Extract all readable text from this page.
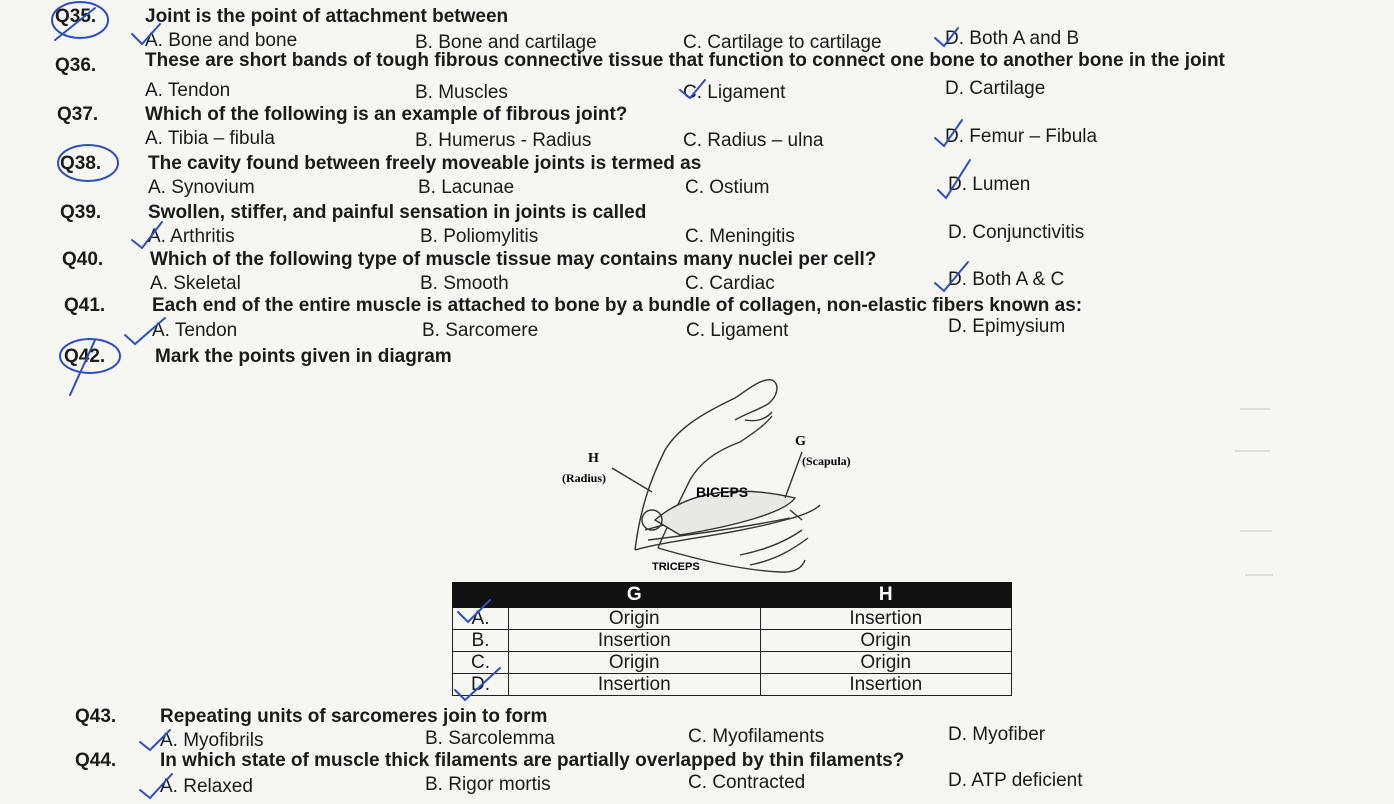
Q35.	Joint is the point of attachment between
A. Bone and bone	B. Bone and cartilage	C. Cartilage to cartilage	D. Both A and B
Q36.	These are short bands of tough fibrous connective tissue that function to connect one bone to another bone in the joint
A. Tendon	B. Muscles	C. Ligament	D. Cartilage
Q37. Which of the following is an example of fibrous joint?
A. Tibia – fibula	B. Humerus - Radius	C. Radius – ulna	D. Femur – Fibula
Q38. The cavity found between freely moveable joints is termed as
A. Synovium	B. Lacunae	C. Ostium	D. Lumen
Q39. Swollen, stiffer, and painful sensation in joints is called
A. Arthritis	B. Poliomylitis	C. Meningitis	D. Conjunctivitis
Q40. Which of the following type of muscle tissue may contains many nuclei per cell?
A. Skeletal	B. Smooth	C. Cardiac	D. Both A & C
Q41. Each end of the entire muscle is attached to bone by a bundle of collagen, non-elastic fibers known as:
A. Tendon	B. Sarcomere	C. Ligament	D. Epimysium
Q42.	Mark the points given in diagram
H
(Radius)
G
(Scapula)
BICEPS
TRICEPS
	G	H
A.	Origin	Insertion
B.	Insertion	Origin
C.	Origin	Origin
D.	Insertion	Insertion
Q43. Repeating units of sarcomeres join to form
A. Myofibrils	B. Sarcolemma	C. Myofilaments	D. Myofiber
Q44. In which state of muscle thick filaments are partially overlapped by thin filaments?
A. Relaxed	B. Rigor mortis	C. Contracted	D. ATP deficient
